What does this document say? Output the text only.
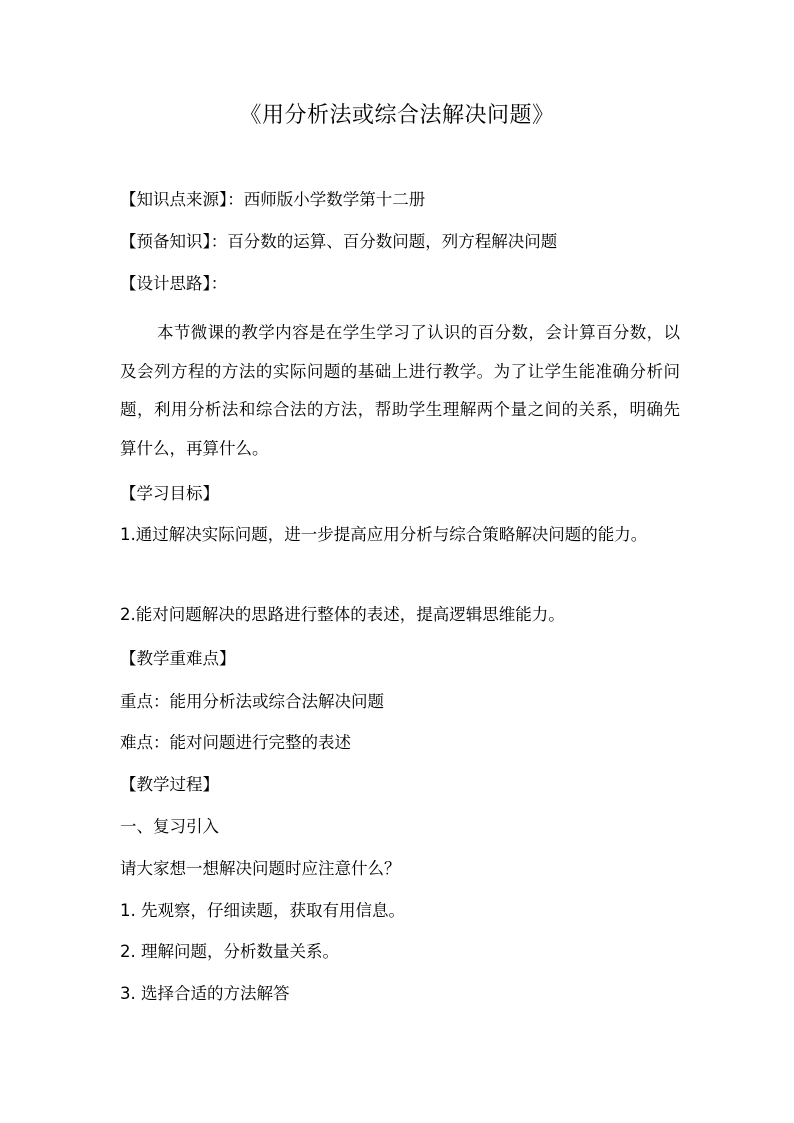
《用分析法或综合法解决问题》
【知识点来源】：西师版小学数学第十二册
【预备知识】：百分数的运算、百分数问题，列方程解决问题
【设计思路】：
本节微课的教学内容是在学生学习了认识的百分数，会计算百分数，以及会列方程的方法的实际问题的基础上进行教学。为了让学生能准确分析问题，利用分析法和综合法的方法，帮助学生理解两个量之间的关系，明确先算什么，再算什么。
【学习目标】
1.通过解决实际问题，进一步提高应用分析与综合策略解决问题的能力。
2.能对问题解决的思路进行整体的表述，提高逻辑思维能力。
【教学重难点】
重点：能用分析法或综合法解决问题
难点：能对问题进行完整的表述
【教学过程】
一、复习引入
请大家想一想解决问题时应注意什么？
1. 先观察，仔细读题，获取有用信息。
2. 理解问题，分析数量关系。
3. 选择合适的方法解答
